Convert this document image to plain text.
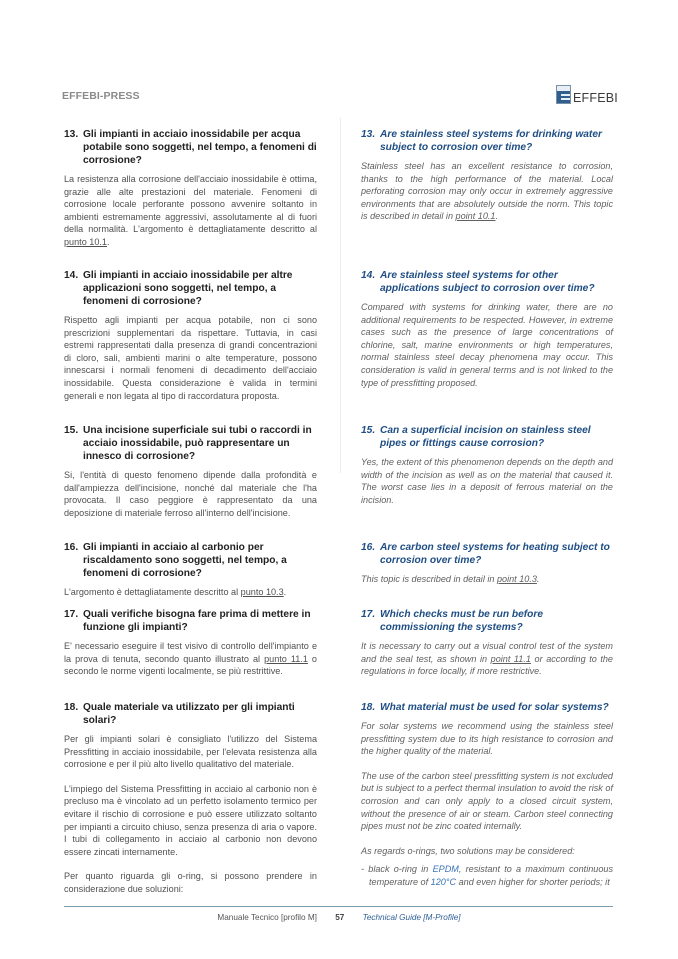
EFFEBI-PRESS	EFFEBI
13. Gli impianti in acciaio inossidabile per acqua potabile sono soggetti, nel tempo, a fenomeni di corrosione?

La resistenza alla corrosione dell'acciaio inossidabile è ottima, grazie alle alte prestazioni del materiale. Fenomeni di corrosione locale perforante possono avvenire soltanto in ambienti estremamente aggressivi, assolutamente al di fuori della normalità. L'argomento è dettagliatamente descritto al punto 10.1.

14. Gli impianti in acciaio inossidabile per altre applicazioni sono soggetti, nel tempo, a fenomeni di corrosione?

Rispetto agli impianti per acqua potabile, non ci sono prescrizioni supplementari da rispettare. Tuttavia, in casi estremi rappresentati dalla presenza di grandi concentrazioni di cloro, sali, ambienti marini o alte temperature, possono innescarsi i normali fenomeni di decadimento dell'acciaio inossidabile. Questa considerazione è valida in termini generali e non legata al tipo di raccordatura proposta.

15. Una incisione superficiale sui tubi o raccordi in acciaio inossidabile, può rappresentare un innesco di corrosione?

Si, l'entità di questo fenomeno dipende dalla profondità e dall'ampiezza dell'incisione, nonché dal materiale che l'ha provocata. Il caso peggiore è rappresentato da una deposizione di materiale ferroso all'interno dell'incisione.

16. Gli impianti in acciaio al carbonio per riscaldamento sono soggetti, nel tempo, a fenomeni di corrosione?

L'argomento è dettagliatamente descritto al punto 10.3.

17. Quali verifiche bisogna fare prima di mettere in funzione gli impianti?

E' necessario eseguire il test visivo di controllo dell'impianto e la prova di tenuta, secondo quanto illustrato al punto 11.1 o secondo le norme vigenti localmente, se più restrittive.

18. Quale materiale va utilizzato per gli impianti solari?

Per gli impianti solari è consigliato l'utilizzo del Sistema Pressfitting in acciaio inossidabile, per l'elevata resistenza alla corrosione e per il più alto livello qualitativo del materiale.

L'impiego del Sistema Pressfitting in acciaio al carbonio non è precluso ma è vincolato ad un perfetto isolamento termico per evitare il rischio di corrosione e può essere utilizzato soltanto per impianti a circuito chiuso, senza presenza di aria o vapore. I tubi di collegamento in acciaio al carbonio non devono essere zincati internamente.

Per quanto riguarda gli o-ring, si possono prendere in considerazione due soluzioni:

13. Are stainless steel systems for drinking water subject to corrosion over time?

Stainless steel has an excellent resistance to corrosion, thanks to the high performance of the material. Local perforating corrosion may only occur in extremely aggressive environments that are absolutely outside the norm. This topic is described in detail in point 10.1.

14. Are stainless steel systems for other applications subject to corrosion over time?

Compared with systems for drinking water, there are no additional requirements to be respected. However, in extreme cases such as the presence of large concentrations of chlorine, salt, marine environments or high temperatures, normal stainless steel decay phenomena may occur. This consideration is valid in general terms and is not linked to the type of pressfitting proposed.

15. Can a superficial incision on stainless steel pipes or fittings cause corrosion?

Yes, the extent of this phenomenon depends on the depth and width of the incision as well as on the material that caused it. The worst case lies in a deposit of ferrous material on the incision.

16. Are carbon steel systems for heating subject to corrosion over time?

This topic is described in detail in point 10.3.

17. Which checks must be run before commissioning the systems?

It is necessary to carry out a visual control test of the system and the seal test, as shown in point 11.1 or according to the regulations in force locally, if more restrictive.

18. What material must be used for solar systems?

For solar systems we recommend using the stainless steel pressfitting system due to its high resistance to corrosion and the higher quality of the material.

The use of the carbon steel pressfitting system is not excluded but is subject to a perfect thermal insulation to avoid the risk of corrosion and can only apply to a closed circuit system, without the presence of air or steam. Carbon steel connecting pipes must not be zinc coated internally.

As regards o-rings, two solutions may be considered:

- black o-ring in EPDM, resistant to a maximum continuous temperature of 120°C and even higher for shorter periods; it

Manuale Tecnico [profilo M] 57 Technical Guide [M-Profile]
